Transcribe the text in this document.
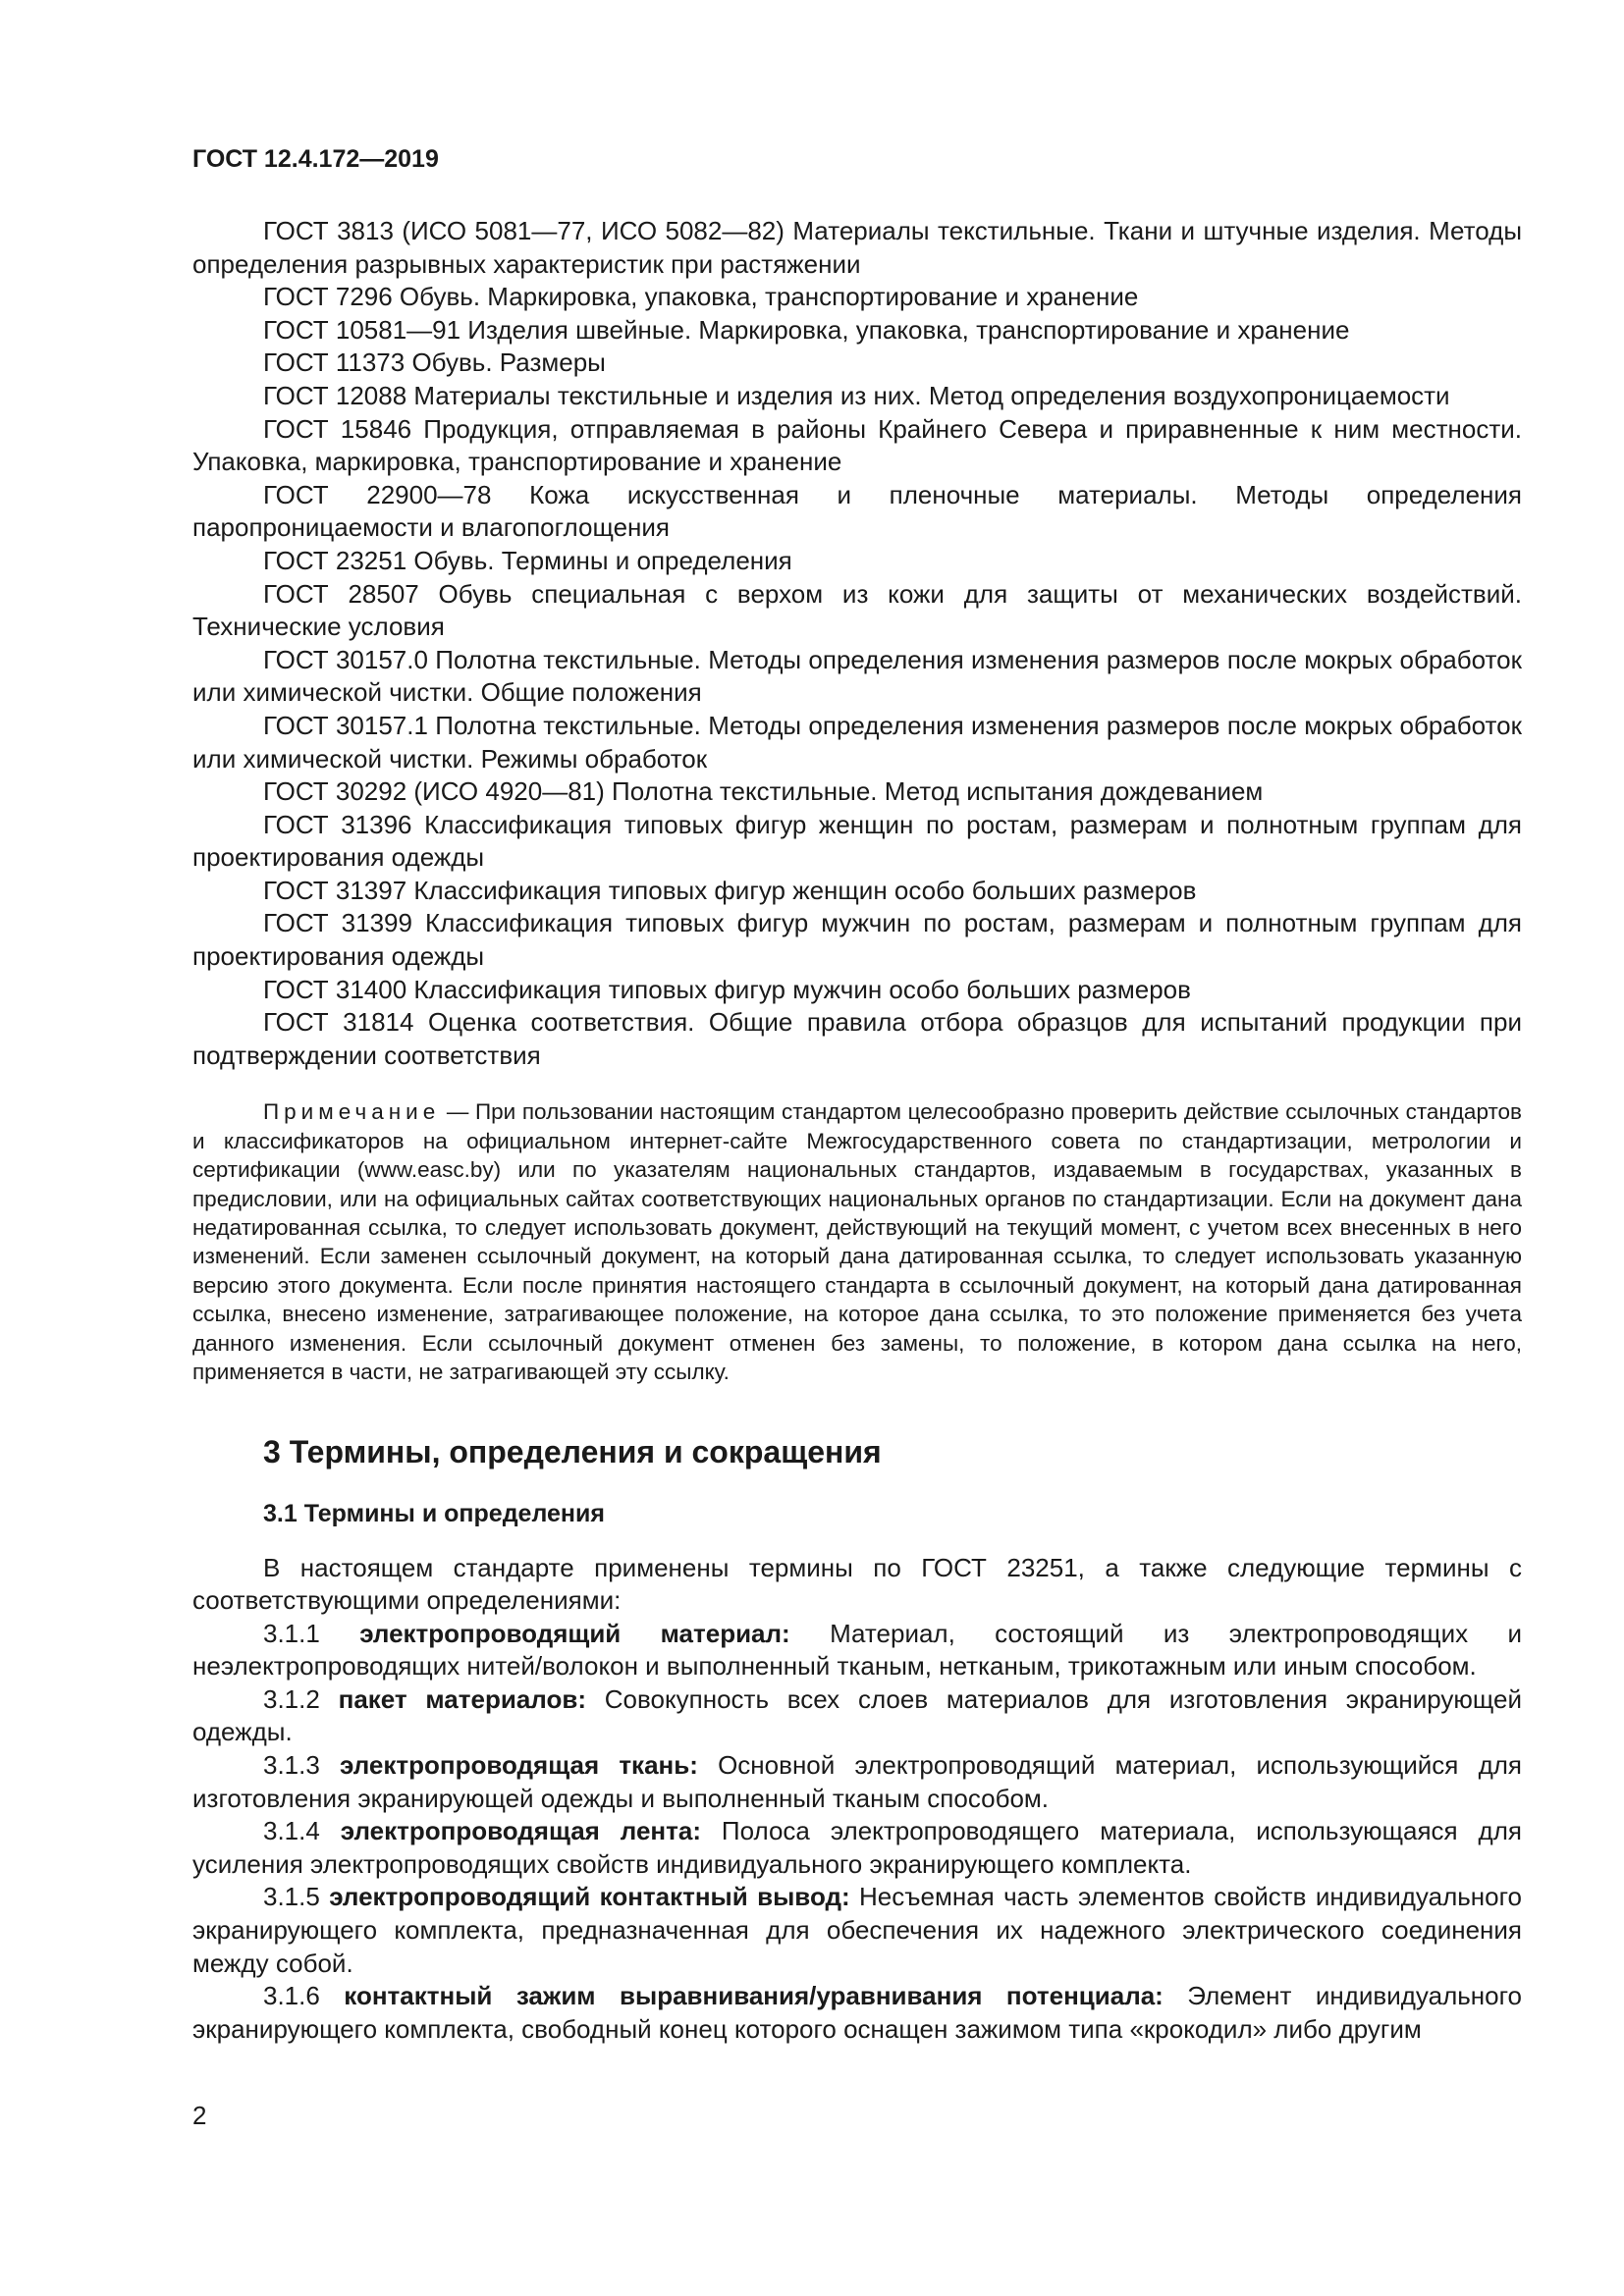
ГОСТ 12.4.172—2019

ГОСТ 3813 (ИСО 5081—77, ИСО 5082—82) Материалы текстильные. Ткани и штучные изделия. Методы определения разрывных характеристик при растяжении

ГОСТ 7296 Обувь. Маркировка, упаковка, транспортирование и хранение

ГОСТ 10581—91 Изделия швейные. Маркировка, упаковка, транспортирование и хранение

ГОСТ 11373 Обувь. Размеры

ГОСТ 12088 Материалы текстильные и изделия из них. Метод определения воздухопроницаемости

ГОСТ 15846 Продукция, отправляемая в районы Крайнего Севера и приравненные к ним местности. Упаковка, маркировка, транспортирование и хранение

ГОСТ 22900—78 Кожа искусственная и пленочные материалы. Методы определения паропроницаемости и влагопоглощения

ГОСТ 23251 Обувь. Термины и определения

ГОСТ 28507 Обувь специальная с верхом из кожи для защиты от механических воздействий. Технические условия

ГОСТ 30157.0 Полотна текстильные. Методы определения изменения размеров после мокрых обработок или химической чистки. Общие положения

ГОСТ 30157.1 Полотна текстильные. Методы определения изменения размеров после мокрых обработок или химической чистки. Режимы обработок

ГОСТ 30292 (ИСО 4920—81) Полотна текстильные. Метод испытания дождеванием

ГОСТ 31396 Классификация типовых фигур женщин по ростам, размерам и полнотным группам для проектирования одежды

ГОСТ 31397 Классификация типовых фигур женщин особо больших размеров

ГОСТ 31399 Классификация типовых фигур мужчин по ростам, размерам и полнотным группам для проектирования одежды

ГОСТ 31400 Классификация типовых фигур мужчин особо больших размеров

ГОСТ 31814 Оценка соответствия. Общие правила отбора образцов для испытаний продукции при подтверждении соответствия

Примечание — При пользовании настоящим стандартом целесообразно проверить действие ссылочных стандартов и классификаторов на официальном интернет-сайте Межгосударственного совета по стандартизации, метрологии и сертификации (www.easc.by) или по указателям национальных стандартов, издаваемым в государствах, указанных в предисловии, или на официальных сайтах соответствующих национальных органов по стандартизации. Если на документ дана недатированная ссылка, то следует использовать документ, действующий на текущий момент, с учетом всех внесенных в него изменений. Если заменен ссылочный документ, на который дана датированная ссылка, то следует использовать указанную версию этого документа. Если после принятия настоящего стандарта в ссылочный документ, на который дана датированная ссылка, внесено изменение, затрагивающее положение, на которое дана ссылка, то это положение применяется без учета данного изменения. Если ссылочный документ отменен без замены, то положение, в котором дана ссылка на него, применяется в части, не затрагивающей эту ссылку.

3 Термины, определения и сокращения
3.1 Термины и определения

В настоящем стандарте применены термины по ГОСТ 23251, а также следующие термины с соответствующими определениями:

3.1.1 электропроводящий материал: Материал, состоящий из электропроводящих и неэлектропроводящих нитей/волокон и выполненный тканым, нетканым, трикотажным или иным способом.

3.1.2 пакет материалов: Совокупность всех слоев материалов для изготовления экранирующей одежды.

3.1.3 электропроводящая ткань: Основной электропроводящий материал, использующийся для изготовления экранирующей одежды и выполненный тканым способом.

3.1.4 электропроводящая лента: Полоса электропроводящего материала, использующаяся для усиления электропроводящих свойств индивидуального экранирующего комплекта.

3.1.5 электропроводящий контактный вывод: Несъемная часть элементов свойств индивидуального экранирующего комплекта, предназначенная для обеспечения их надежного электрического соединения между собой.

3.1.6 контактный зажим выравнивания/уравнивания потенциала: Элемент индивидуального экранирующего комплекта, свободный конец которого оснащен зажимом типа «крокодил» либо другим

2
